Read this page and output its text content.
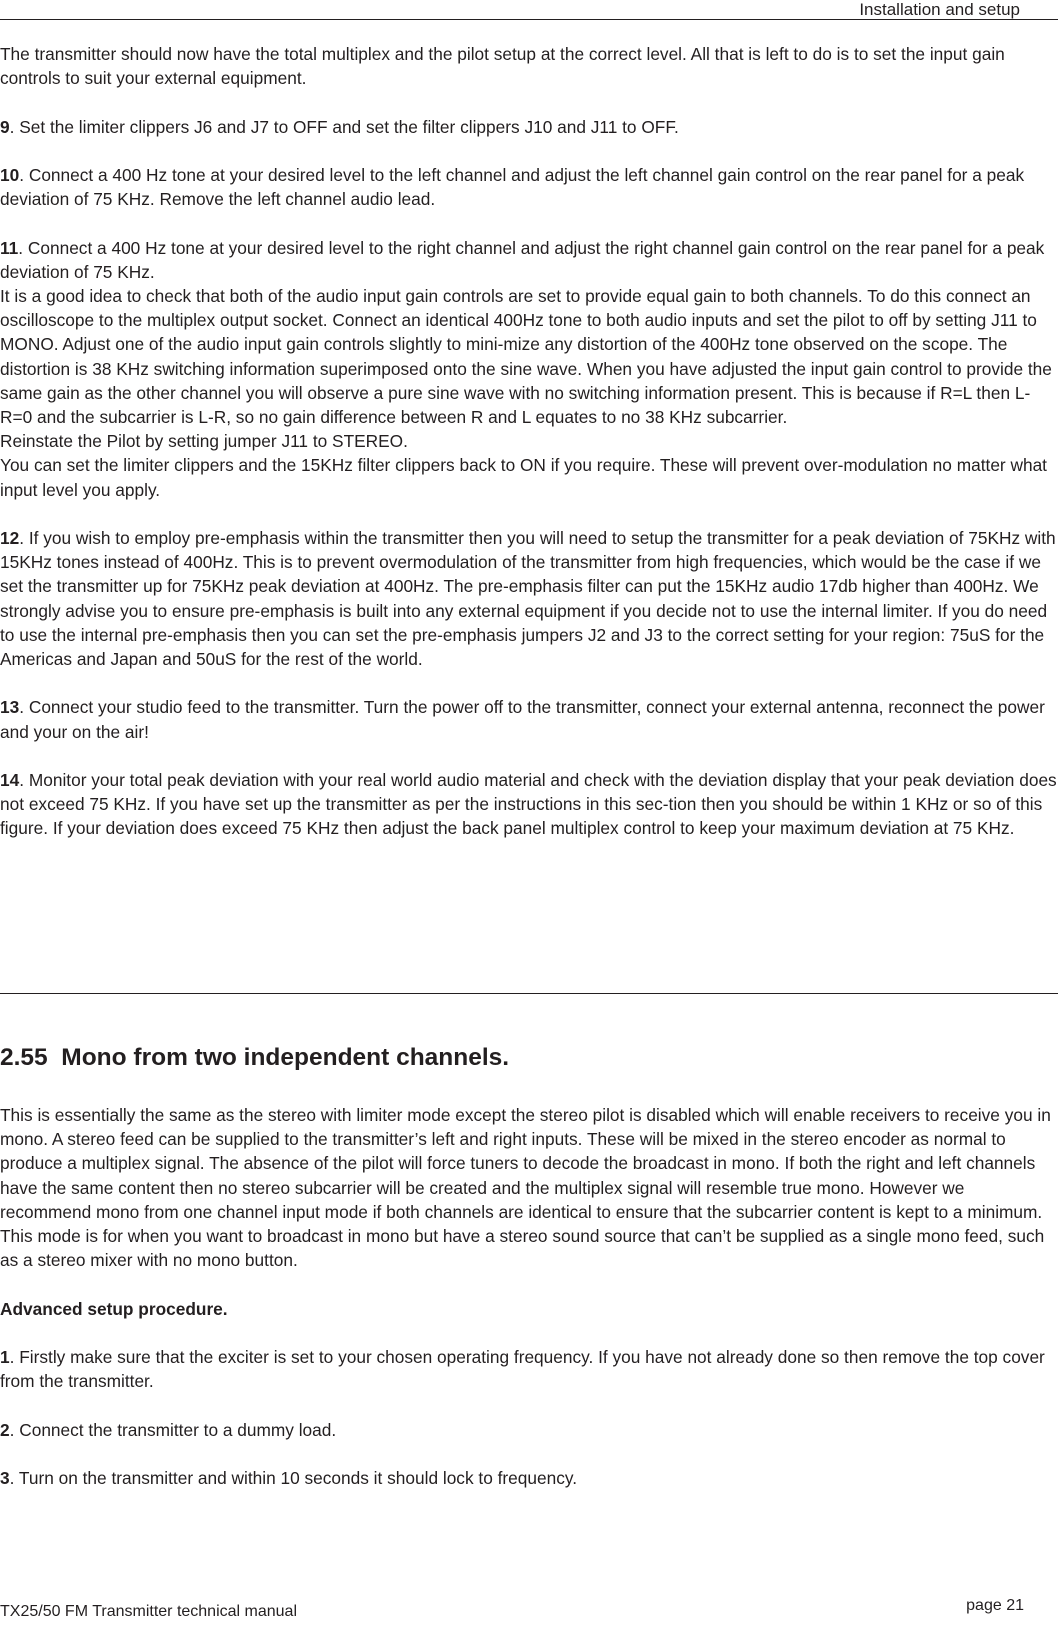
Installation and setup

The transmitter should now have the total multiplex and the pilot setup at the correct level. All that is left to do is to set the input gain controls to suit your external equipment.

9. Set the limiter clippers J6 and J7 to OFF and set the filter clippers J10 and J11 to OFF.

10. Connect a 400 Hz tone at your desired level to the left channel and adjust the left channel gain control on the rear panel for a peak deviation of 75 KHz. Remove the left channel audio lead.

11. Connect a 400 Hz tone at your desired level to the right channel and adjust the right channel gain control on the rear panel for a peak deviation of 75 KHz.

It is a good idea to check that both of the audio input gain controls are set to provide equal gain to both channels. To do this connect an oscilloscope to the multiplex output socket. Connect an identical 400Hz tone to both audio inputs and set the pilot to off by setting J11 to MONO. Adjust one of the audio input gain controls slightly to mini-mize any distortion of the 400Hz tone observed on the scope. The distortion is 38 KHz switching information superimposed onto the sine wave. When you have adjusted the input gain control to provide the same gain as the other channel you will observe a pure sine wave with no switching information present. This is because if R=L then L-R=0 and the subcarrier is L-R, so no gain difference between R and L equates to no 38 KHz subcarrier.

Reinstate the Pilot by setting jumper J11 to STEREO.

You can set the limiter clippers and the 15KHz filter clippers back to ON if you require. These will prevent over-modulation no matter what input level you apply.

12. If you wish to employ pre-emphasis within the transmitter then you will need to setup the transmitter for a peak deviation of 75KHz with 15KHz tones instead of 400Hz. This is to prevent overmodulation of the transmitter from high frequencies, which would be the case if we set the transmitter up for 75KHz peak deviation at 400Hz. The pre-emphasis filter can put the 15KHz audio 17db higher than 400Hz. We strongly advise you to ensure pre-emphasis is built into any external equipment if you decide not to use the internal limiter. If you do need to use the internal pre-emphasis then you can set the pre-emphasis jumpers J2 and J3 to the correct setting for your region: 75uS for the Americas and Japan and 50uS for the rest of the world.

13. Connect your studio feed to the transmitter. Turn the power off to the transmitter, connect your external antenna, reconnect the power and your on the air!

14. Monitor your total peak deviation with your real world audio material and check with the deviation display that your peak deviation does not exceed 75 KHz. If you have set up the transmitter as per the instructions in this sec-tion then you should be within 1 KHz or so of this figure. If your deviation does exceed 75 KHz then adjust the back panel multiplex control to keep your maximum deviation at 75 KHz.

2.55  Mono from two independent channels.

This is essentially the same as the stereo with limiter mode except the stereo pilot is disabled which will enable receivers to receive you in mono. A stereo feed can be supplied to the transmitter’s left and right inputs. These will be mixed in the stereo encoder as normal to produce a multiplex signal. The absence of the pilot will force tuners to decode the broadcast in mono. If both the right and left channels have the same content then no stereo subcarrier will be created and the multiplex signal will resemble true mono. However we recommend mono from one channel input mode if both channels are identical to ensure that the subcarrier content is kept to a minimum. This mode is for when you want to broadcast in mono but have a stereo sound source that can’t be supplied as a single mono feed, such as a stereo mixer with no mono button.

Advanced setup procedure.

1. Firstly make sure that the exciter is set to your chosen operating frequency. If you have not already done so then remove the top cover from the transmitter.

2. Connect the transmitter to a dummy load.

3. Turn on the transmitter and within 10 seconds it should lock to frequency.

TX25/50 FM Transmitter technical manual	page 21
